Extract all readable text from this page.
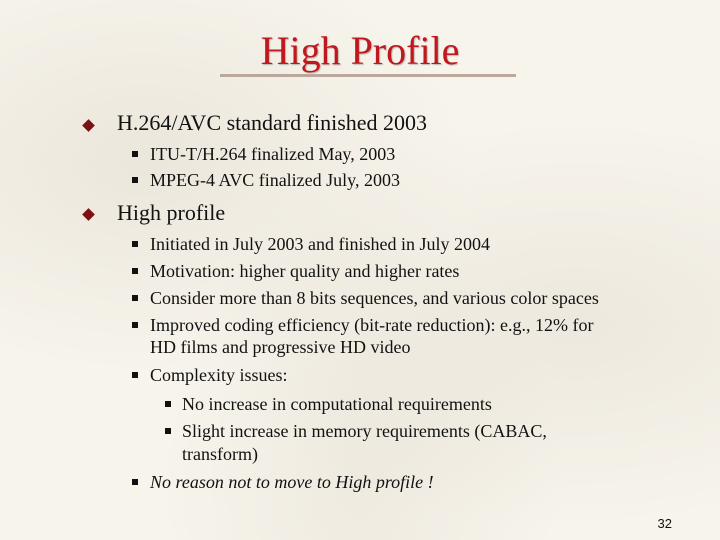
High Profile
H.264/AVC standard finished 2003
ITU-T/H.264 finalized May, 2003
MPEG-4 AVC finalized July, 2003
High profile
Initiated in July 2003 and finished in July 2004
Motivation: higher quality and higher rates
Consider more than 8 bits sequences, and various color spaces
Improved coding efficiency (bit-rate reduction): e.g., 12% for
HD films and progressive HD video
Complexity issues:
No increase in computational requirements
Slight increase in memory requirements (CABAC,
transform)
No reason not to move to High profile !
32
